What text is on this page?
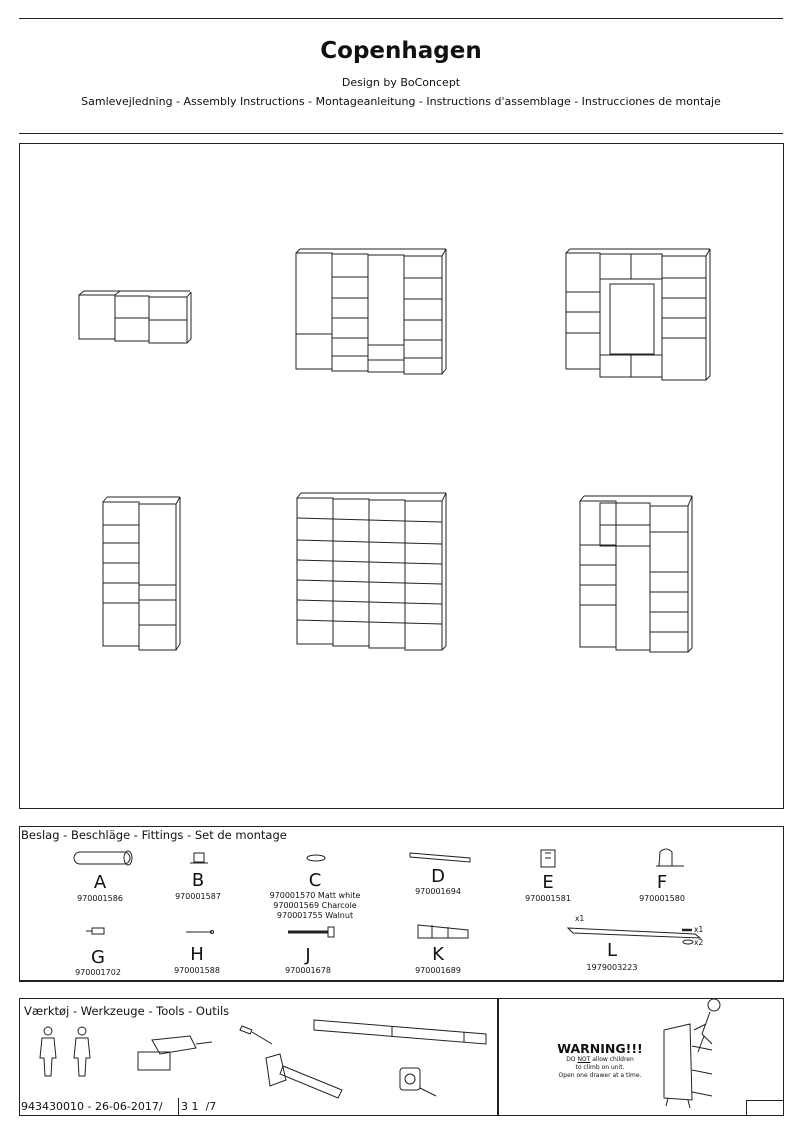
Copenhagen
Design by BoConcept
Samlevejledning - Assembly Instructions - Montageanleitung - Instructions d'assemblage - Instrucciones de montaje
Beslag - Beschläge - Fittings - Set de montage
A
970001586
B
970001587
C
970001570 Matt white
970001569 Charcole
970001755 Walnut
D
970001694	E
970001581
F
970001580
G
970001702
H
970001588
J
970001678
K
970001689
L
1979003223
x1
x1
x2
Værktøj - Werkzeuge - Tools - Outils
WARNING!!!
DO NOT allow children
to climb on unit.
Open one drawer at a time.
943430010 - 26-06-2017/ 3 1  /7
